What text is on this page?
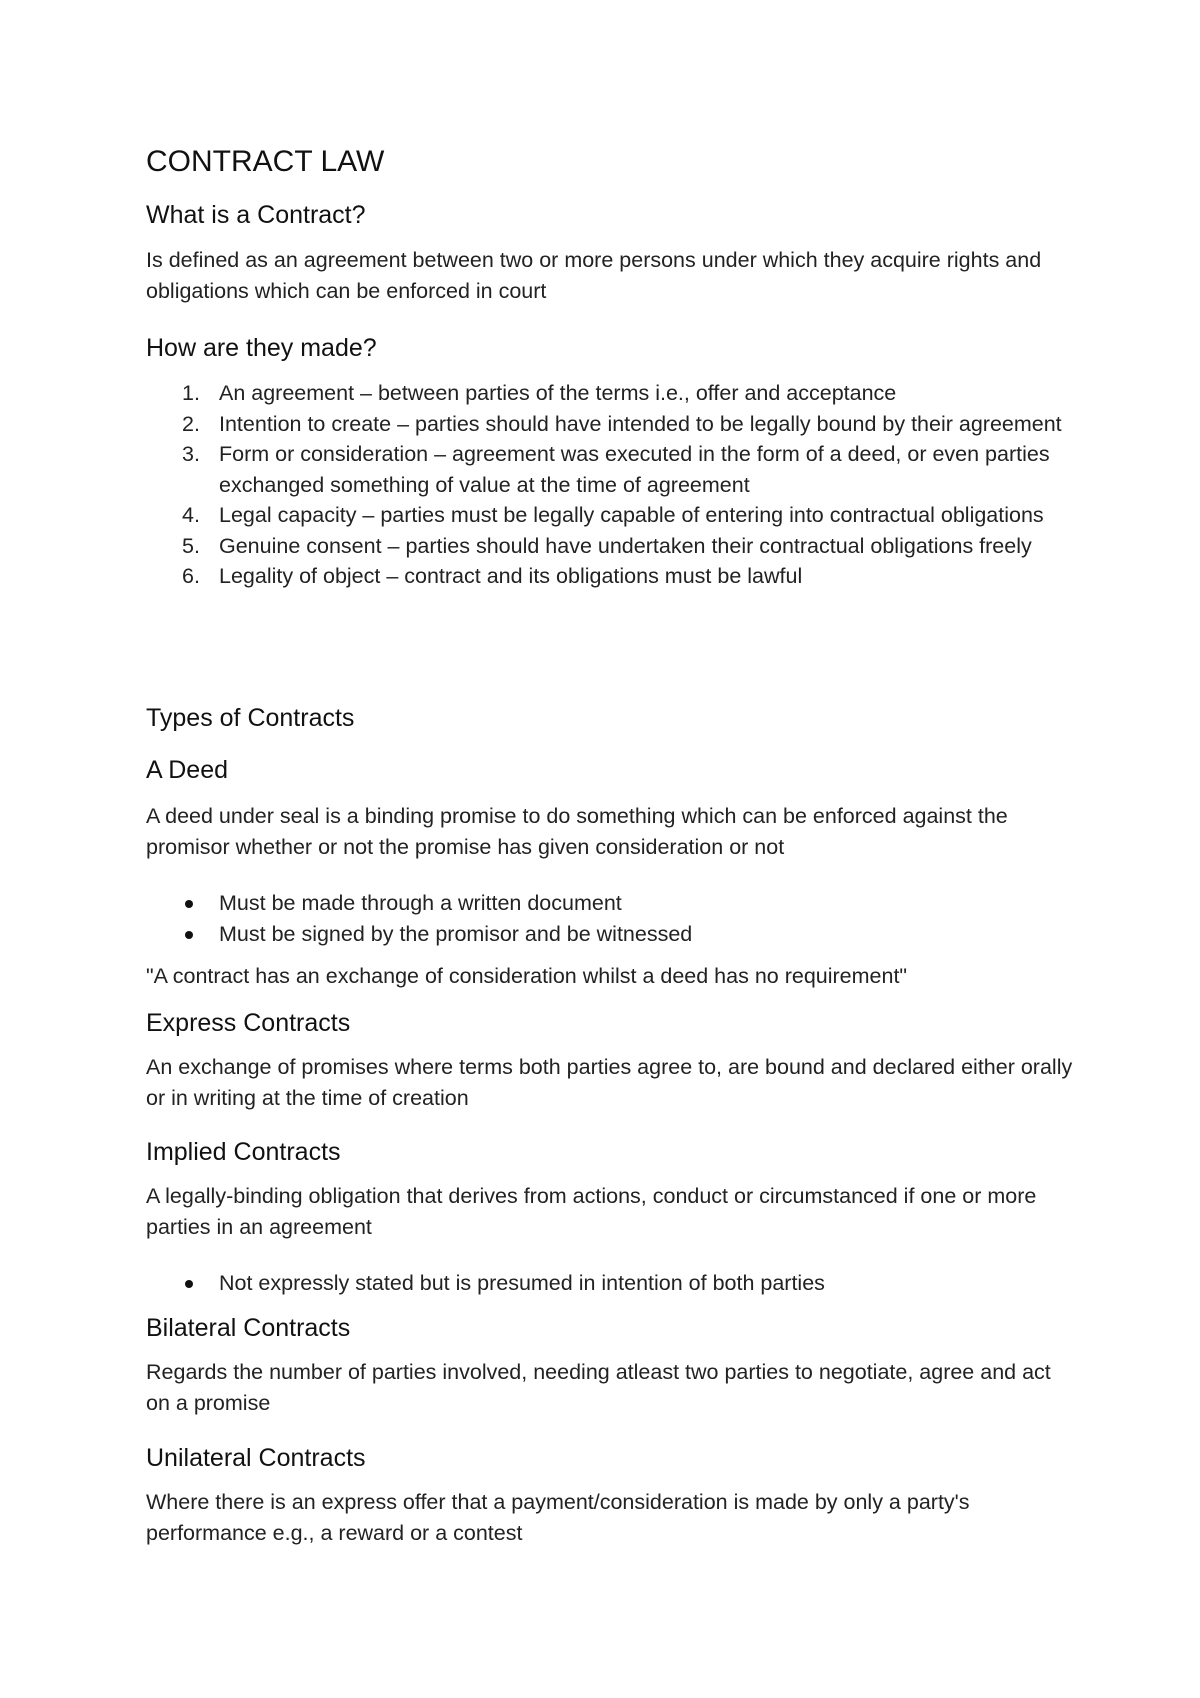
CONTRACT LAW
What is a Contract?

Is defined as an agreement between two or more persons under which they acquire rights and obligations which can be enforced in court

How are they made?
1. An agreement – between parties of the terms i.e., offer and acceptance
2. Intention to create – parties should have intended to be legally bound by their agreement
3. Form or consideration – agreement was executed in the form of a deed, or even parties exchanged something of value at the time of agreement
4. Legal capacity – parties must be legally capable of entering into contractual obligations
5. Genuine consent – parties should have undertaken their contractual obligations freely
6. Legality of object – contract and its obligations must be lawful
Types of Contracts
A Deed

A deed under seal is a binding promise to do something which can be enforced against the promisor whether or not the promise has given consideration or not

Must be made through a written document
Must be signed by the promisor and be witnessed

"A contract has an exchange of consideration whilst a deed has no requirement"

Express Contracts

An exchange of promises where terms both parties agree to, are bound and declared either orally or in writing at the time of creation

Implied Contracts

A legally-binding obligation that derives from actions, conduct or circumstanced if one or more parties in an agreement

Not expressly stated but is presumed in intention of both parties
Bilateral Contracts

Regards the number of parties involved, needing atleast two parties to negotiate, agree and act on a promise

Unilateral Contracts

Where there is an express offer that a payment/consideration is made by only a party's performance e.g., a reward or a contest
